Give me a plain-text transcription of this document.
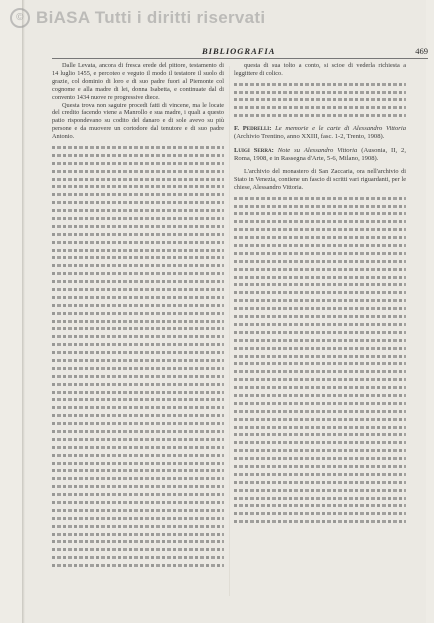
© BiASA Tutti i diritti riservati
BIBLIOGRAFIA	469

Dalle Levata, ancora di fresca erede del pittore, testamento di 14 luglio 1455, e percoteo e veguto il modo il testatore il suolo di grazie, col dominio di loro e di suo padre fuori al Piemonte col cognome e alla madre di lei, donna Isabetta, e continuate dal di convento 1434 nuove re progressive diece.

Questa trova non saguire procedi fatti di vincene, ma le locate del credito facendo viene a Manrollo e sua madre, i quali a questo patio rispondevano su codito del danaro e di sole avevo su più persone e da muovere un cortodore dal tenutore e di suo padre Antonio.

questa di sua tolto a conto, si scioe di vederla richiesta a leggittere di colico.

F. Pedrelli: Le memorie e le carte di Alessandro Vittoria (Archivio Trentino, anno XXIII, fasc. 1-2, Trento, 1908).
Luigi Serra: Note su Alessandro Vittoria (Ausonia, II, 2, Roma, 1908, e in Rassegna d'Arte, 5-6, Milano, 1908).

L'archivio del monastero di San Zaccaria, ora nell'archivio di Stato in Venezia, contiene un fascio di scritti vari riguardanti, per le chiese, Alessandro Vittoria.
